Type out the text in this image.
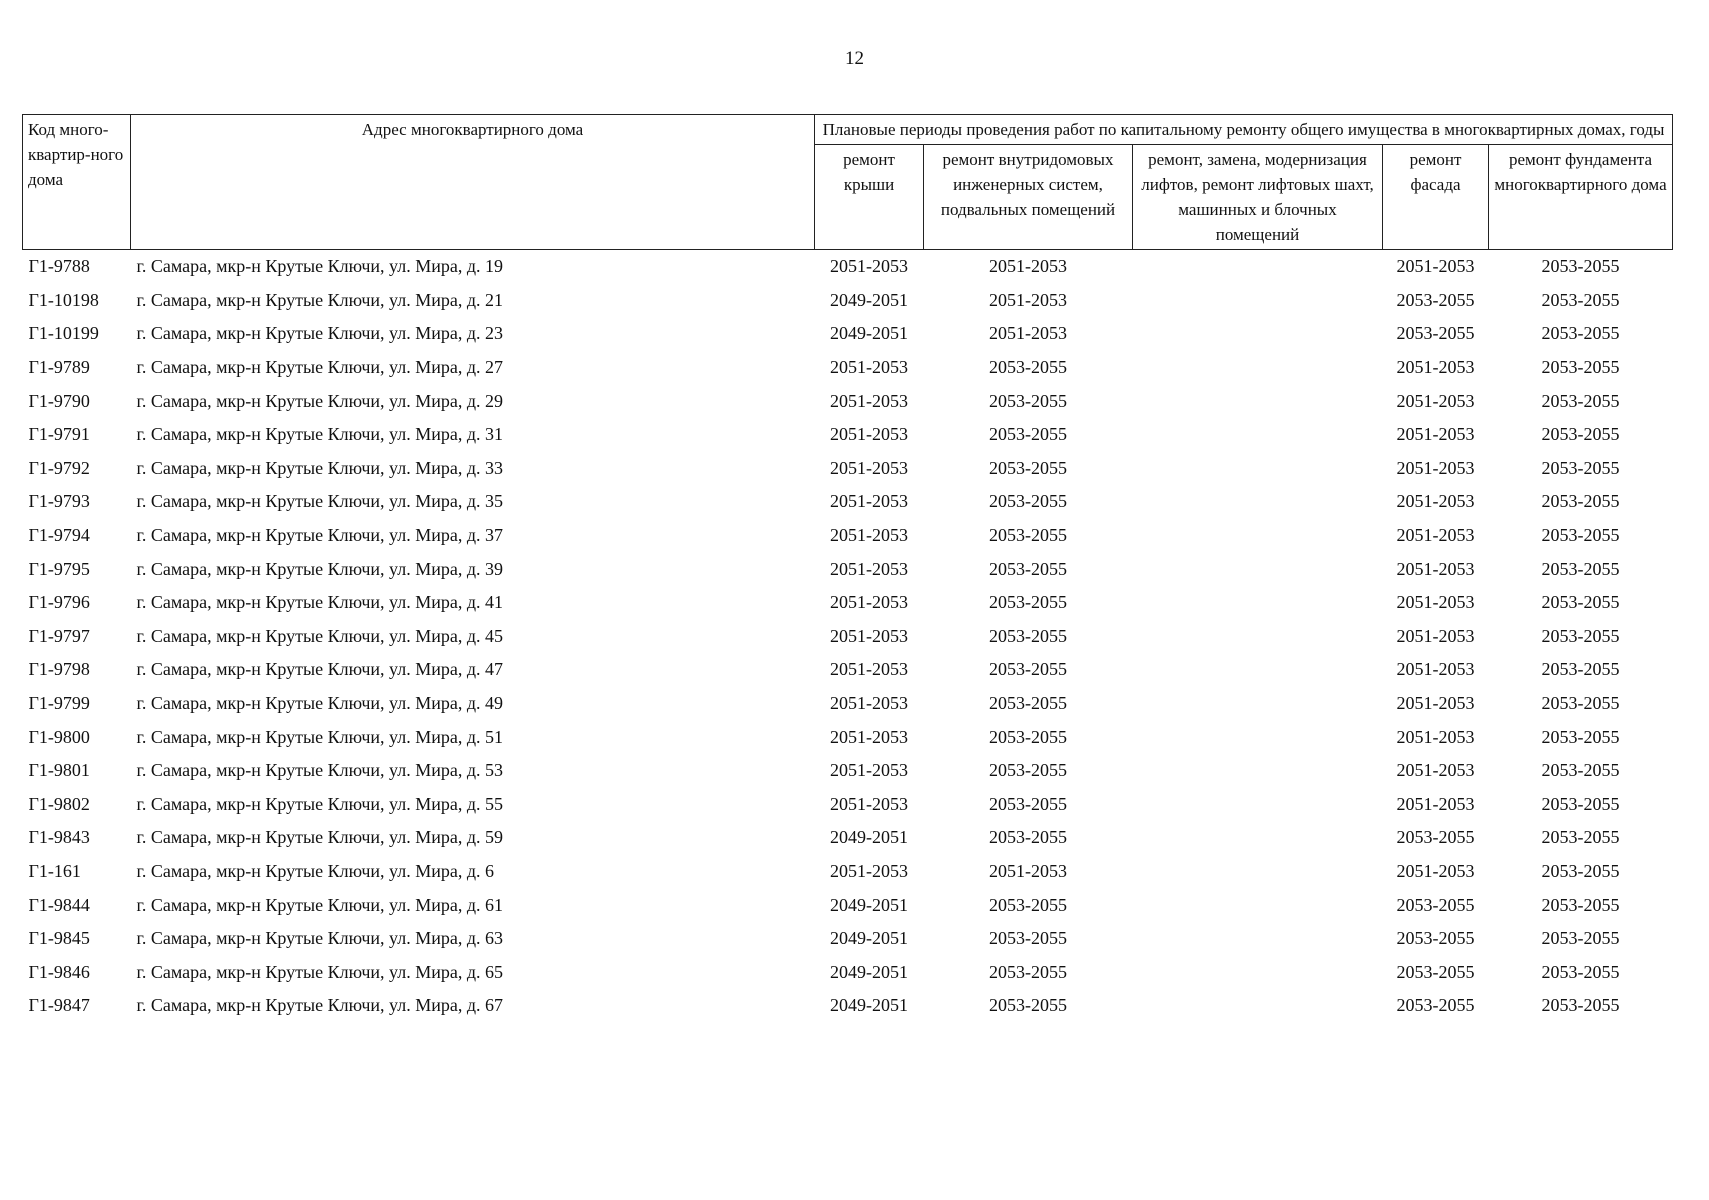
12
Код много-квартир-ного дома	Адрес многоквартирного дома	Плановые периоды проведения работ по капитальному ремонту общего имущества в многоквартирных домах, годы				
		ремонт крыши	ремонт внутридомовых инженерных систем, подвальных помещений	ремонт, замена, модернизация лифтов, ремонт лифтовых шахт, машинных и блочных помещений	ремонт фасада	ремонт фундамента многоквартирного дома
Г1-9788	г. Самара, мкр-н Крутые Ключи, ул. Мира, д. 19	2051-2053	2051-2053		2051-2053	2053-2055
Г1-10198	г. Самара, мкр-н Крутые Ключи, ул. Мира, д. 21	2049-2051	2051-2053		2053-2055	2053-2055
Г1-10199	г. Самара, мкр-н Крутые Ключи, ул. Мира, д. 23	2049-2051	2051-2053		2053-2055	2053-2055
Г1-9789	г. Самара, мкр-н Крутые Ключи, ул. Мира, д. 27	2051-2053	2053-2055		2051-2053	2053-2055
Г1-9790	г. Самара, мкр-н Крутые Ключи, ул. Мира, д. 29	2051-2053	2053-2055		2051-2053	2053-2055
Г1-9791	г. Самара, мкр-н Крутые Ключи, ул. Мира, д. 31	2051-2053	2053-2055		2051-2053	2053-2055
Г1-9792	г. Самара, мкр-н Крутые Ключи, ул. Мира, д. 33	2051-2053	2053-2055		2051-2053	2053-2055
Г1-9793	г. Самара, мкр-н Крутые Ключи, ул. Мира, д. 35	2051-2053	2053-2055		2051-2053	2053-2055
Г1-9794	г. Самара, мкр-н Крутые Ключи, ул. Мира, д. 37	2051-2053	2053-2055		2051-2053	2053-2055
Г1-9795	г. Самара, мкр-н Крутые Ключи, ул. Мира, д. 39	2051-2053	2053-2055		2051-2053	2053-2055
Г1-9796	г. Самара, мкр-н Крутые Ключи, ул. Мира, д. 41	2051-2053	2053-2055		2051-2053	2053-2055
Г1-9797	г. Самара, мкр-н Крутые Ключи, ул. Мира, д. 45	2051-2053	2053-2055		2051-2053	2053-2055
Г1-9798	г. Самара, мкр-н Крутые Ключи, ул. Мира, д. 47	2051-2053	2053-2055		2051-2053	2053-2055
Г1-9799	г. Самара, мкр-н Крутые Ключи, ул. Мира, д. 49	2051-2053	2053-2055		2051-2053	2053-2055
Г1-9800	г. Самара, мкр-н Крутые Ключи, ул. Мира, д. 51	2051-2053	2053-2055		2051-2053	2053-2055
Г1-9801	г. Самара, мкр-н Крутые Ключи, ул. Мира, д. 53	2051-2053	2053-2055		2051-2053	2053-2055
Г1-9802	г. Самара, мкр-н Крутые Ключи, ул. Мира, д. 55	2051-2053	2053-2055		2051-2053	2053-2055
Г1-9843	г. Самара, мкр-н Крутые Ключи, ул. Мира, д. 59	2049-2051	2053-2055		2053-2055	2053-2055
Г1-161	г. Самара, мкр-н Крутые Ключи, ул. Мира, д. 6	2051-2053	2051-2053		2051-2053	2053-2055
Г1-9844	г. Самара, мкр-н Крутые Ключи, ул. Мира, д. 61	2049-2051	2053-2055		2053-2055	2053-2055
Г1-9845	г. Самара, мкр-н Крутые Ключи, ул. Мира, д. 63	2049-2051	2053-2055		2053-2055	2053-2055
Г1-9846	г. Самара, мкр-н Крутые Ключи, ул. Мира, д. 65	2049-2051	2053-2055		2053-2055	2053-2055
Г1-9847	г. Самара, мкр-н Крутые Ключи, ул. Мира, д. 67	2049-2051	2053-2055		2053-2055	2053-2055
